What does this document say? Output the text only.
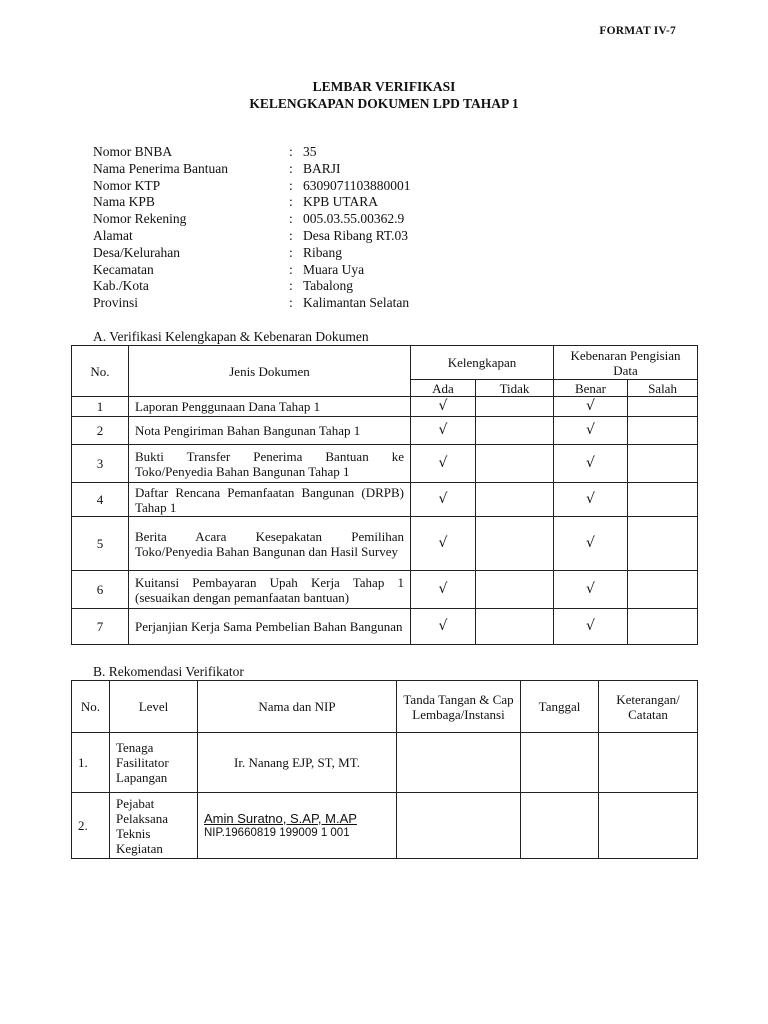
FORMAT IV-7
LEMBAR VERIFIKASI
KELENGKAPAN DOKUMEN LPD TAHAP 1
Nomor BNBA	: 35
Nama Penerima Bantuan	: BARJI
Nomor KTP	: 6309071103880001
Nama KPB	: KPB UTARA
Nomor Rekening	: 005.03.55.00362.9
Alamat	: Desa Ribang RT.03
Desa/Kelurahan	: Ribang
Kecamatan	: Muara Uya
Kab./Kota	: Tabalong
Provinsi	: Kalimantan Selatan
A. Verifikasi Kelengkapan & Kebenaran Dokumen
No.	Jenis Dokumen	Kelengkapan		Kebenaran Pengisian Data	
		Ada	Tidak	Benar	Salah
1	Laporan Penggunaan Dana Tahap 1	√		√	
2	Nota Pengiriman Bahan Bangunan Tahap 1	√		√	
3	Bukti Transfer Penerima Bantuan ke Toko/Penyedia Bahan Bangunan Tahap 1	√		√	
4	Daftar Rencana Pemanfaatan Bangunan (DRPB) Tahap 1	√		√	
5	Berita Acara Kesepakatan Pemilihan Toko/Penyedia Bahan Bangunan dan Hasil Survey	√		√	
6	Kuitansi Pembayaran Upah Kerja Tahap 1 (sesuaikan dengan pemanfaatan bantuan)	√		√	
7	Perjanjian Kerja Sama Pembelian Bahan Bangunan	√		√	
B. Rekomendasi Verifikator
No.	Level	Nama dan NIP	Tanda Tangan & Cap Lembaga/Instansi	Tanggal	Keterangan/ Catatan
1.	Tenaga Fasilitator Lapangan	Ir. Nanang EJP, ST, MT.			
2.	Pejabat Pelaksana Teknis Kegiatan	Amin Suratno, S.AP, M.AP
NIP.19660819 199009 1 001			
